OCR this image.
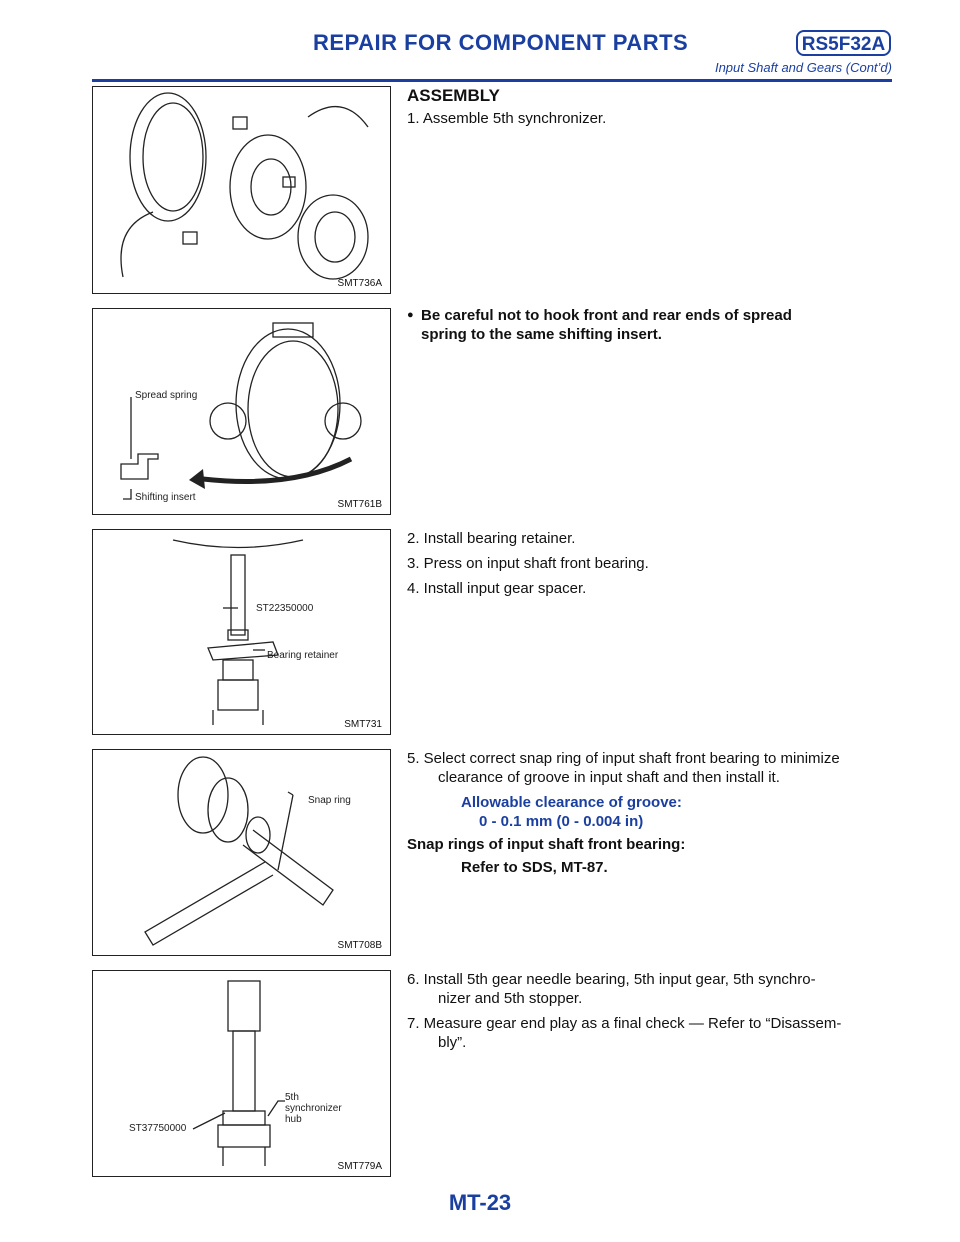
REPAIR FOR COMPONENT PARTS	RS5F32A
Input Shaft and Gears (Cont’d)
SMT736A
Spread spring
Shifting insert
SMT761B
ST22350000
Bearing retainer
SMT731
Snap ring
SMT708B
ST37750000
5th
synchronizer
hub
SMT779A
ASSEMBLY
1. Assemble 5th synchronizer.
● Be careful not to hook front and rear ends of spread
spring to the same shifting insert.
2. Install bearing retainer.
3. Press on input shaft front bearing.
4. Install input gear spacer.
5. Select correct snap ring of input shaft front bearing to minimize
clearance of groove in input shaft and then install it.
Allowable clearance of groove:
0 - 0.1 mm (0 - 0.004 in)
Snap rings of input shaft front bearing:
Refer to SDS, MT-87.
6. Install 5th gear needle bearing, 5th input gear, 5th synchro-
nizer and 5th stopper.
7. Measure gear end play as a final check — Refer to “Disassem-
bly”.
MT-23
